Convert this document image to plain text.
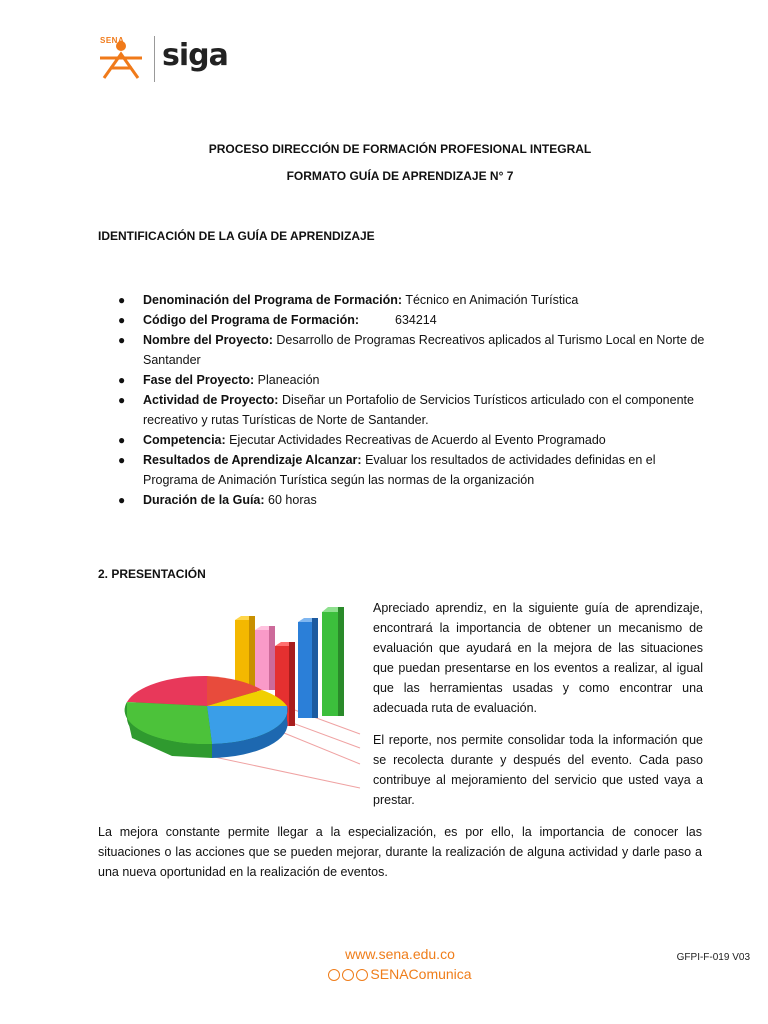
SENA siga
PROCESO DIRECCIÓN DE FORMACIÓN PROFESIONAL INTEGRAL
FORMATO GUÍA DE APRENDIZAJE N° 7
IDENTIFICACIÓN DE LA GUÍA DE APRENDIZAJE
● Denominación del Programa de Formación: Técnico en Animación Turística
● Código del Programa de Formación:	634214
● Nombre del Proyecto: Desarrollo de Programas Recreativos aplicados al Turismo Local en Norte de Santander
● Fase del Proyecto: Planeación
● Actividad de Proyecto: Diseñar un Portafolio de Servicios Turísticos articulado con el componente recreativo y rutas Turísticas de Norte de Santander.
● Competencia: Ejecutar Actividades Recreativas de Acuerdo al Evento Programado
● Resultados de Aprendizaje Alcanzar: Evaluar los resultados de actividades definidas en el Programa de Animación Turística según las normas de la organización
● Duración de la Guía: 60 horas
2. PRESENTACIÓN
Apreciado aprendiz, en la siguiente guía de aprendizaje, encontrará la importancia de obtener un mecanismo de evaluación que ayudará en la mejora de las situaciones que puedan presentarse en los eventos a realizar, al igual que las herramientas usadas y como encontrar una adecuada ruta de evaluación.
El reporte, nos permite consolidar toda la información que se recolecta durante y después del evento. Cada paso contribuye al mejoramiento del servicio que usted vaya a prestar.
La mejora constante permite llegar a la especialización, es por ello, la importancia de conocer las situaciones o las acciones que se pueden mejorar, durante la realización de alguna actividad y darle paso a una nueva oportunidad en la realización de eventos.
www.sena.edu.co
SENAComunica
GFPI-F-019 V03
